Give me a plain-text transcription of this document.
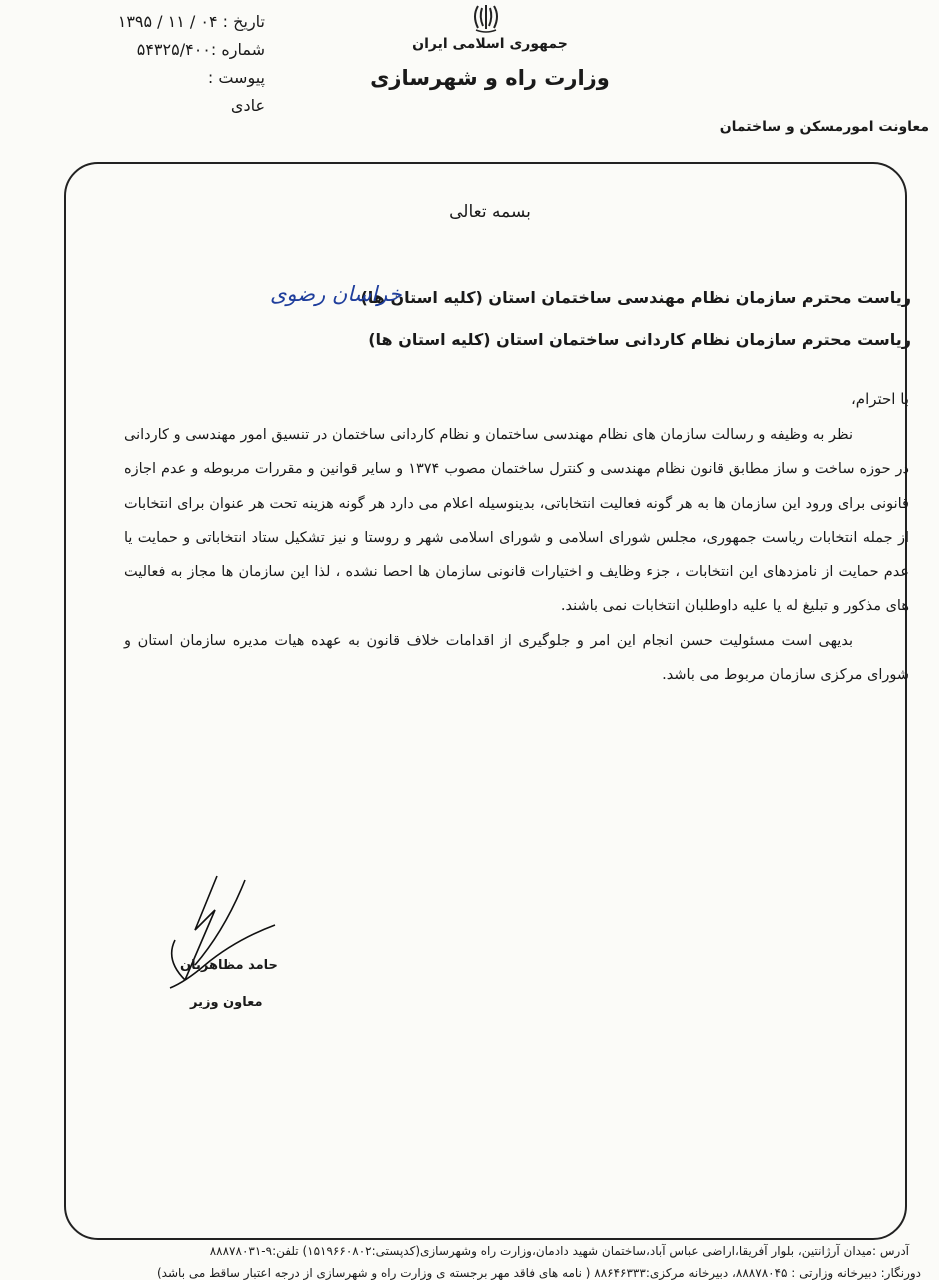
تاریخ : ۰۴ / ۱۱ / ۱۳۹۵
شماره :۵۴۳۲۵/۴۰۰
پیوست :
عادی
جمهوری اسلامی ایران
وزارت راه و شهرسازی
معاونت امورمسکن و ساختمان
بسمه تعالی
ریاست محترم سازمان نظام مهندسی ساختمان استان (کلیه استان ها)
خراسان رضوی
ریاست محترم سازمان نظام کاردانی ساختمان استان (کلیه استان ها)
با احترام،

نظر به وظیفه و رسالت سازمان های نظام مهندسی ساختمان و نظام کاردانی ساختمان در تنسیق امور مهندسی و کاردانی در حوزه ساخت و ساز مطابق قانون نظام مهندسی و کنترل ساختمان مصوب ۱۳۷۴ و سایر قوانین و مقررات مربوطه و عدم اجازه قانونی برای ورود این سازمان ها به هر گونه فعالیت انتخاباتی، بدینوسیله اعلام می دارد هر گونه هزینه تحت هر عنوان برای انتخابات از جمله انتخابات ریاست جمهوری، مجلس شورای اسلامی و شورای اسلامی شهر و روستا و نیز تشکیل ستاد انتخاباتی و حمایت یا عدم حمایت از نامزدهای این انتخابات ، جزء وظایف و اختیارات قانونی سازمان ها احصا نشده ، لذا این سازمان ها مجاز به فعالیت های مذکور و تبلیغ له یا علیه داوطلبان انتخابات نمی باشند.

بدیهی است مسئولیت حسن انجام این امر و جلوگیری از اقدامات خلاف قانون به عهده هیات مدیره سازمان استان و شورای مرکزی سازمان مربوط می باشد.

حامد مظاهریان
معاون وزیر
آدرس :میدان آرژانتین، بلوار آفریقا،اراضی عباس آباد،ساختمان شهید دادمان،وزارت راه وشهرسازی(کدپستی:۱۵۱۹۶۶۰۸۰۲) تلفن:۹-۸۸۸۷۸۰۳۱
دورنگار: دبیرخانه وزارتی : ۸۸۸۷۸۰۴۵، دبیرخانه مرکزی:۸۸۶۴۶۳۳۳ ( نامه های فاقد مهر برجسته ی وزارت راه و شهرسازی از درجه اعتبار ساقط می باشد)
